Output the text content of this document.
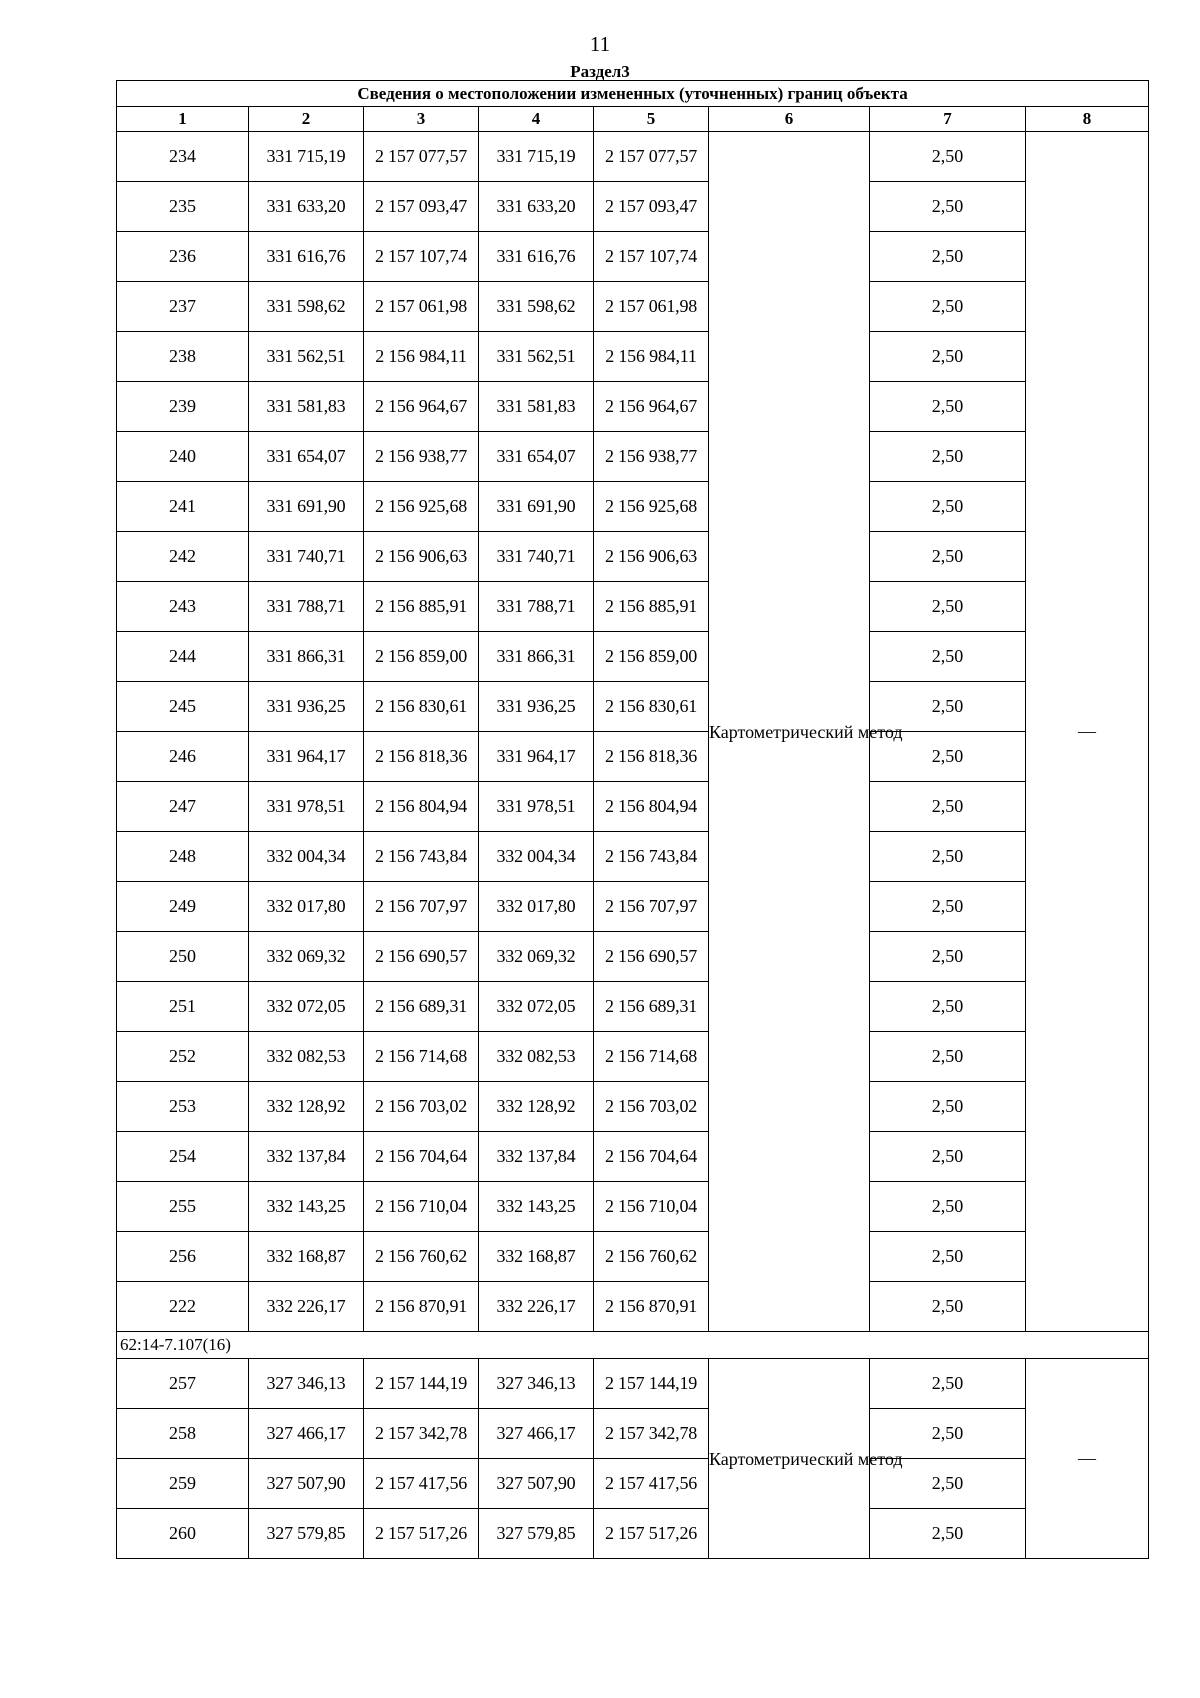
11
Раздел3
Сведения о местоположении измененных (уточненных) границ объекта							
1	2	3	4	5	6	7	8
234	331 715,19	2 157 077,57	331 715,19	2 157 077,57	Картометрический метод	2,50	—
235	331 633,20	2 157 093,47	331 633,20	2 157 093,47		2,50	
236	331 616,76	2 157 107,74	331 616,76	2 157 107,74		2,50	
237	331 598,62	2 157 061,98	331 598,62	2 157 061,98		2,50	
238	331 562,51	2 156 984,11	331 562,51	2 156 984,11		2,50	
239	331 581,83	2 156 964,67	331 581,83	2 156 964,67		2,50	
240	331 654,07	2 156 938,77	331 654,07	2 156 938,77		2,50	
241	331 691,90	2 156 925,68	331 691,90	2 156 925,68		2,50	
242	331 740,71	2 156 906,63	331 740,71	2 156 906,63		2,50	
243	331 788,71	2 156 885,91	331 788,71	2 156 885,91		2,50	
244	331 866,31	2 156 859,00	331 866,31	2 156 859,00		2,50	
245	331 936,25	2 156 830,61	331 936,25	2 156 830,61		2,50	
246	331 964,17	2 156 818,36	331 964,17	2 156 818,36		2,50	
247	331 978,51	2 156 804,94	331 978,51	2 156 804,94		2,50	
248	332 004,34	2 156 743,84	332 004,34	2 156 743,84		2,50	
249	332 017,80	2 156 707,97	332 017,80	2 156 707,97		2,50	
250	332 069,32	2 156 690,57	332 069,32	2 156 690,57		2,50	
251	332 072,05	2 156 689,31	332 072,05	2 156 689,31		2,50	
252	332 082,53	2 156 714,68	332 082,53	2 156 714,68		2,50	
253	332 128,92	2 156 703,02	332 128,92	2 156 703,02		2,50	
254	332 137,84	2 156 704,64	332 137,84	2 156 704,64		2,50	
255	332 143,25	2 156 710,04	332 143,25	2 156 710,04		2,50	
256	332 168,87	2 156 760,62	332 168,87	2 156 760,62		2,50	
222	332 226,17	2 156 870,91	332 226,17	2 156 870,91		2,50	
62:14-7.107(16)							
257	327 346,13	2 157 144,19	327 346,13	2 157 144,19	Картометрический метод	2,50	—
258	327 466,17	2 157 342,78	327 466,17	2 157 342,78		2,50	
259	327 507,90	2 157 417,56	327 507,90	2 157 417,56		2,50	
260	327 579,85	2 157 517,26	327 579,85	2 157 517,26		2,50	
